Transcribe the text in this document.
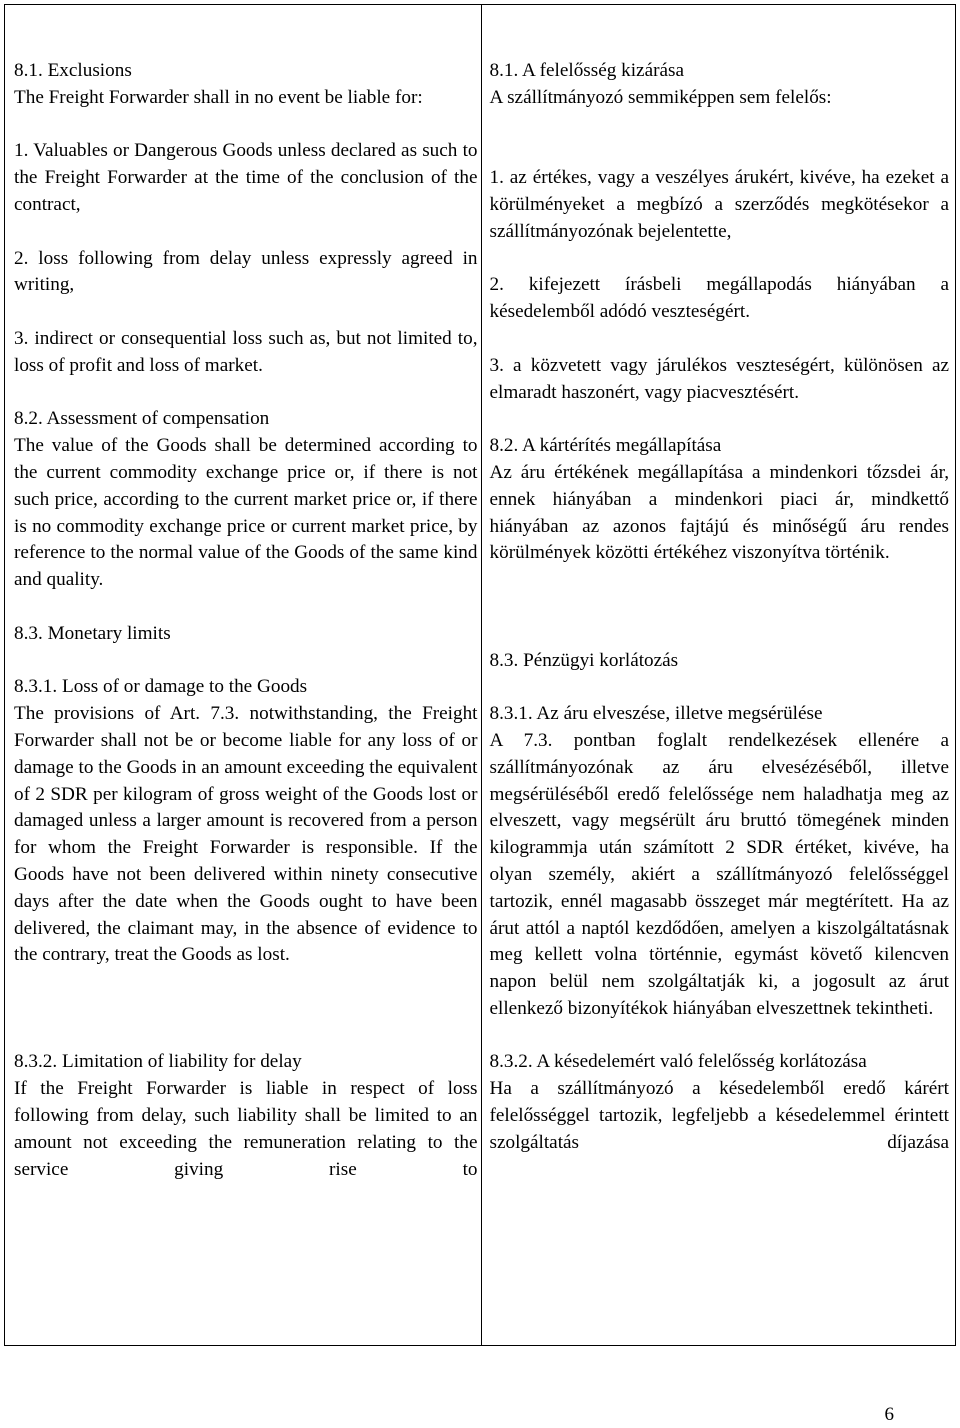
8.1. Exclusions

The Freight Forwarder shall in no event be liable for:

1. Valuables or Dangerous Goods unless declared as such to the Freight Forwarder at the time of the conclusion of the contract,

2. loss following from delay unless expressly agreed in writing,

3. indirect or consequential loss such as, but not limited to, loss of profit and loss of market.

8.2. Assessment of compensation

The value of the Goods shall be determined according to the current commodity exchange price or, if there is not such price, according to the current market price or, if there is no commodity exchange price or current market price, by reference to the normal value of the Goods of the same kind and quality.

8.3. Monetary limits

8.3.1. Loss of or damage to the Goods

The provisions of Art. 7.3. notwithstanding, the Freight Forwarder shall not be or become liable for any loss of or damage to the Goods in an amount exceeding the equivalent of 2 SDR per kilogram of gross weight of the Goods lost or damaged unless a larger amount is recovered from a person for whom the Freight Forwarder is responsible. If the Goods have not been delivered within ninety consecutive days after the date when the Goods ought to have been delivered, the claimant may, in the absence of evidence to the contrary, treat the Goods as lost.

8.3.2. Limitation of liability for delay

If the Freight Forwarder is liable in respect of loss following from delay, such liability shall be limited to an amount not exceeding the remuneration relating to the service giving rise to

8.1. A felelősség kizárása

A szállítmányozó semmiképpen sem felelős:

1. az értékes, vagy a veszélyes árukért, kivéve, ha ezeket a körülményeket a megbízó a szerződés megkötésekor a szállítmányozónak bejelentette,

2. kifejezett írásbeli megállapodás hiányában a késedelemből adódó veszteségért.

3. a közvetett vagy járulékos veszteségért, különösen az elmaradt haszonért, vagy piacvesztésért.

8.2. A kártérítés megállapítása

Az áru értékének megállapítása a mindenkori tőzsdei ár, ennek hiányában a mindenkori piaci ár, mindkettő hiányában az azonos fajtájú és minőségű áru rendes körülmények közötti értékéhez viszonyítva történik.

8.3. Pénzügyi korlátozás

8.3.1. Az áru elveszése, illetve megsérülése

A 7.3. pontban foglalt rendelkezések ellenére a szállítmányozónak az áru elvesézéséből, illetve megsérüléséből eredő felelőssége nem haladhatja meg az elveszett, vagy megsérült áru bruttó tömegének minden kilogrammja után számított 2 SDR értéket, kivéve, ha olyan személy, akiért a szállítmányozó felelősséggel tartozik, ennél magasabb összeget már megtérített. Ha az árut attól a naptól kezdődően, amelyen a kiszolgáltatásnak meg kellett volna történnie, egymást követő kilencven napon belül nem szolgáltatják ki, a jogosult az árut ellenkező bizonyítékok hiányában elveszettnek tekintheti.

8.3.2. A késedelemért való felelősség korlátozása

Ha a szállítmányozó a késedelemből eredő kárért felelősséggel tartozik, legfeljebb a késedelemmel érintett szolgáltatás díjazása

6
